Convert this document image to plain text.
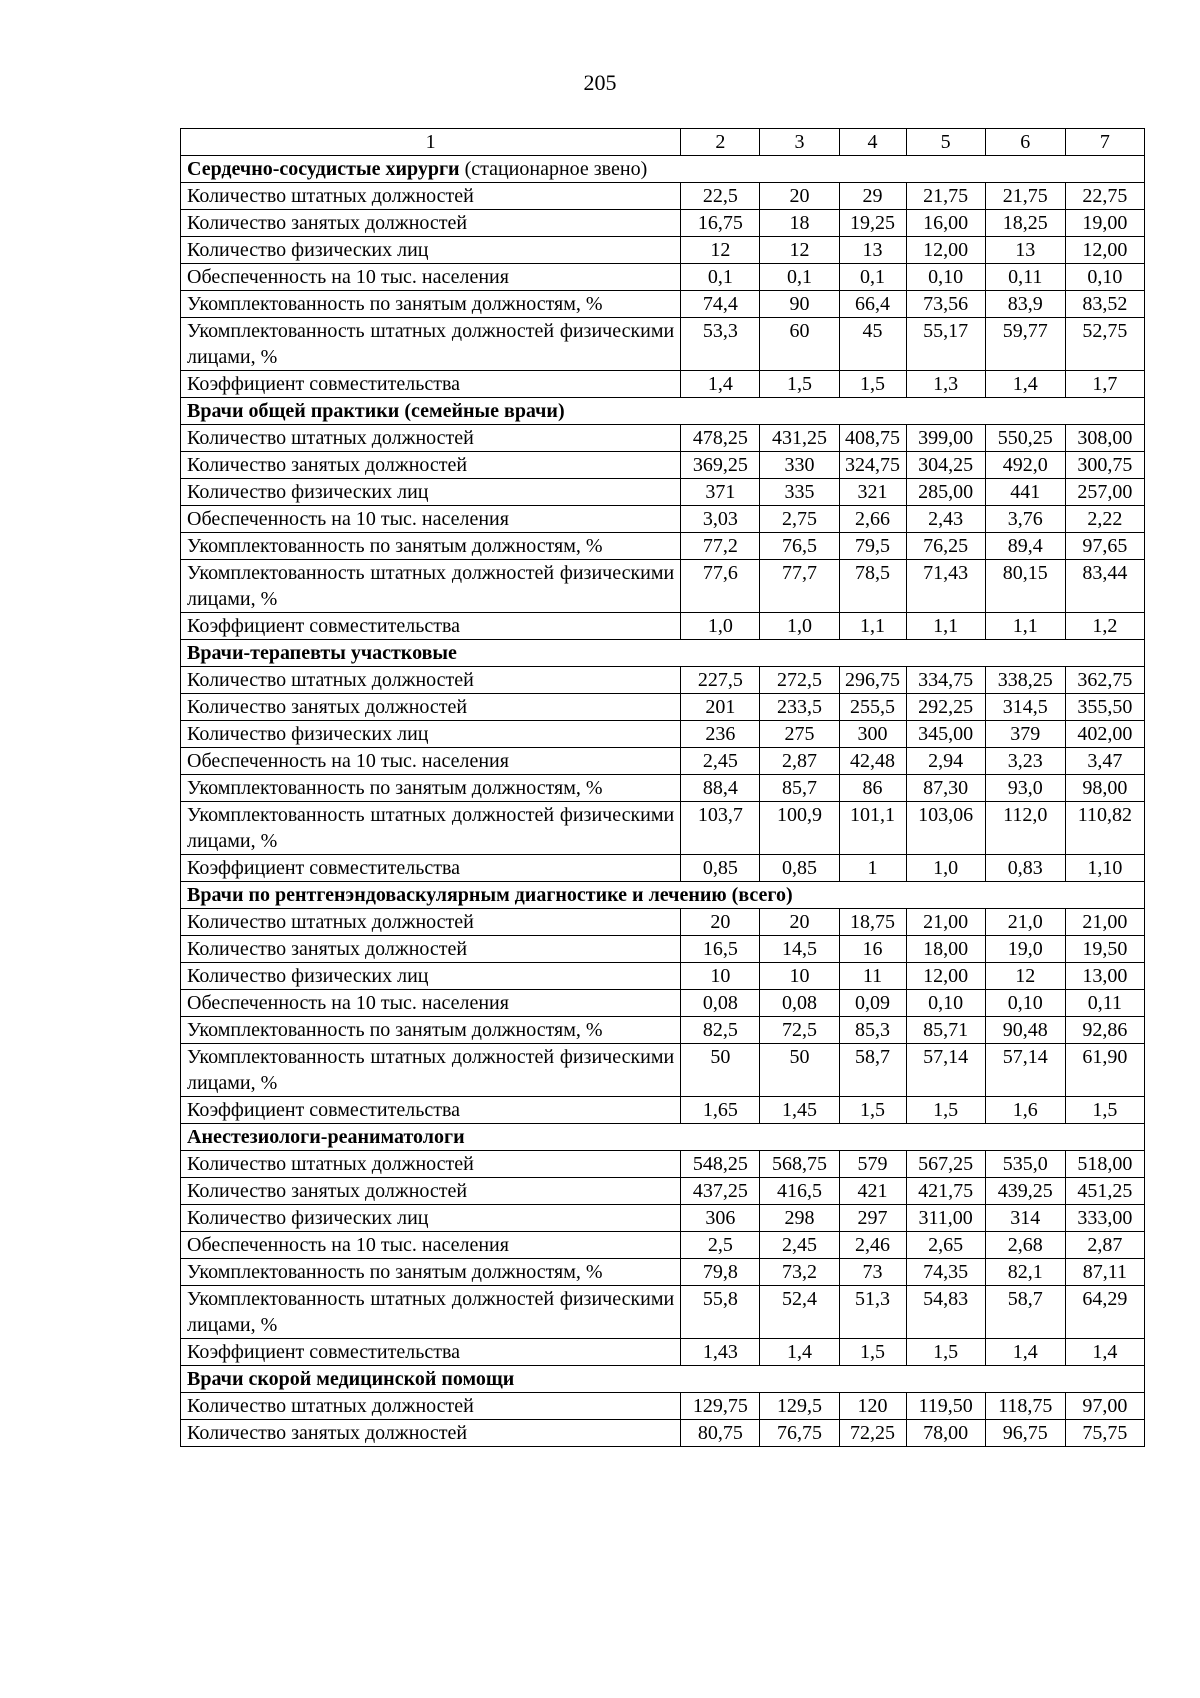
205
1	2	3	4	5	6	7
Сердечно-сосудистые хирурги (стационарное звено)						
Количество штатных должностей	22,5	20	29	21,75	21,75	22,75
Количество занятых должностей	16,75	18	19,25	16,00	18,25	19,00
Количество физических лиц	12	12	13	12,00	13	12,00
Обеспеченность на 10 тыс. населения	0,1	0,1	0,1	0,10	0,11	0,10
Укомплектованность по занятым должностям, %	74,4	90	66,4	73,56	83,9	83,52
Укомплектованность штатных должностей физическими лицами, %	53,3	60	45	55,17	59,77	52,75
Коэффициент совместительства	1,4	1,5	1,5	1,3	1,4	1,7
Врачи общей практики (семейные врачи)						
Количество штатных должностей	478,25	431,25	408,75	399,00	550,25	308,00
Количество занятых должностей	369,25	330	324,75	304,25	492,0	300,75
Количество физических лиц	371	335	321	285,00	441	257,00
Обеспеченность на 10 тыс. населения	3,03	2,75	2,66	2,43	3,76	2,22
Укомплектованность по занятым должностям, %	77,2	76,5	79,5	76,25	89,4	97,65
Укомплектованность штатных должностей физическими лицами, %	77,6	77,7	78,5	71,43	80,15	83,44
Коэффициент совместительства	1,0	1,0	1,1	1,1	1,1	1,2
Врачи-терапевты участковые						
Количество штатных должностей	227,5	272,5	296,75	334,75	338,25	362,75
Количество занятых должностей	201	233,5	255,5	292,25	314,5	355,50
Количество физических лиц	236	275	300	345,00	379	402,00
Обеспеченность на 10 тыс. населения	2,45	2,87	42,48	2,94	3,23	3,47
Укомплектованность по занятым должностям, %	88,4	85,7	86	87,30	93,0	98,00
Укомплектованность штатных должностей физическими лицами, %	103,7	100,9	101,1	103,06	112,0	110,82
Коэффициент совместительства	0,85	0,85	1	1,0	0,83	1,10
Врачи по рентгенэндоваскулярным диагностике и лечению (всего)						
Количество штатных должностей	20	20	18,75	21,00	21,0	21,00
Количество занятых должностей	16,5	14,5	16	18,00	19,0	19,50
Количество физических лиц	10	10	11	12,00	12	13,00
Обеспеченность на 10 тыс. населения	0,08	0,08	0,09	0,10	0,10	0,11
Укомплектованность по занятым должностям, %	82,5	72,5	85,3	85,71	90,48	92,86
Укомплектованность штатных должностей физическими лицами, %	50	50	58,7	57,14	57,14	61,90
Коэффициент совместительства	1,65	1,45	1,5	1,5	1,6	1,5
Анестезиологи-реаниматологи						
Количество штатных должностей	548,25	568,75	579	567,25	535,0	518,00
Количество занятых должностей	437,25	416,5	421	421,75	439,25	451,25
Количество физических лиц	306	298	297	311,00	314	333,00
Обеспеченность на 10 тыс. населения	2,5	2,45	2,46	2,65	2,68	2,87
Укомплектованность по занятым должностям, %	79,8	73,2	73	74,35	82,1	87,11
Укомплектованность штатных должностей физическими лицами, %	55,8	52,4	51,3	54,83	58,7	64,29
Коэффициент совместительства	1,43	1,4	1,5	1,5	1,4	1,4
Врачи скорой медицинской помощи						
Количество штатных должностей	129,75	129,5	120	119,50	118,75	97,00
Количество занятых должностей	80,75	76,75	72,25	78,00	96,75	75,75
